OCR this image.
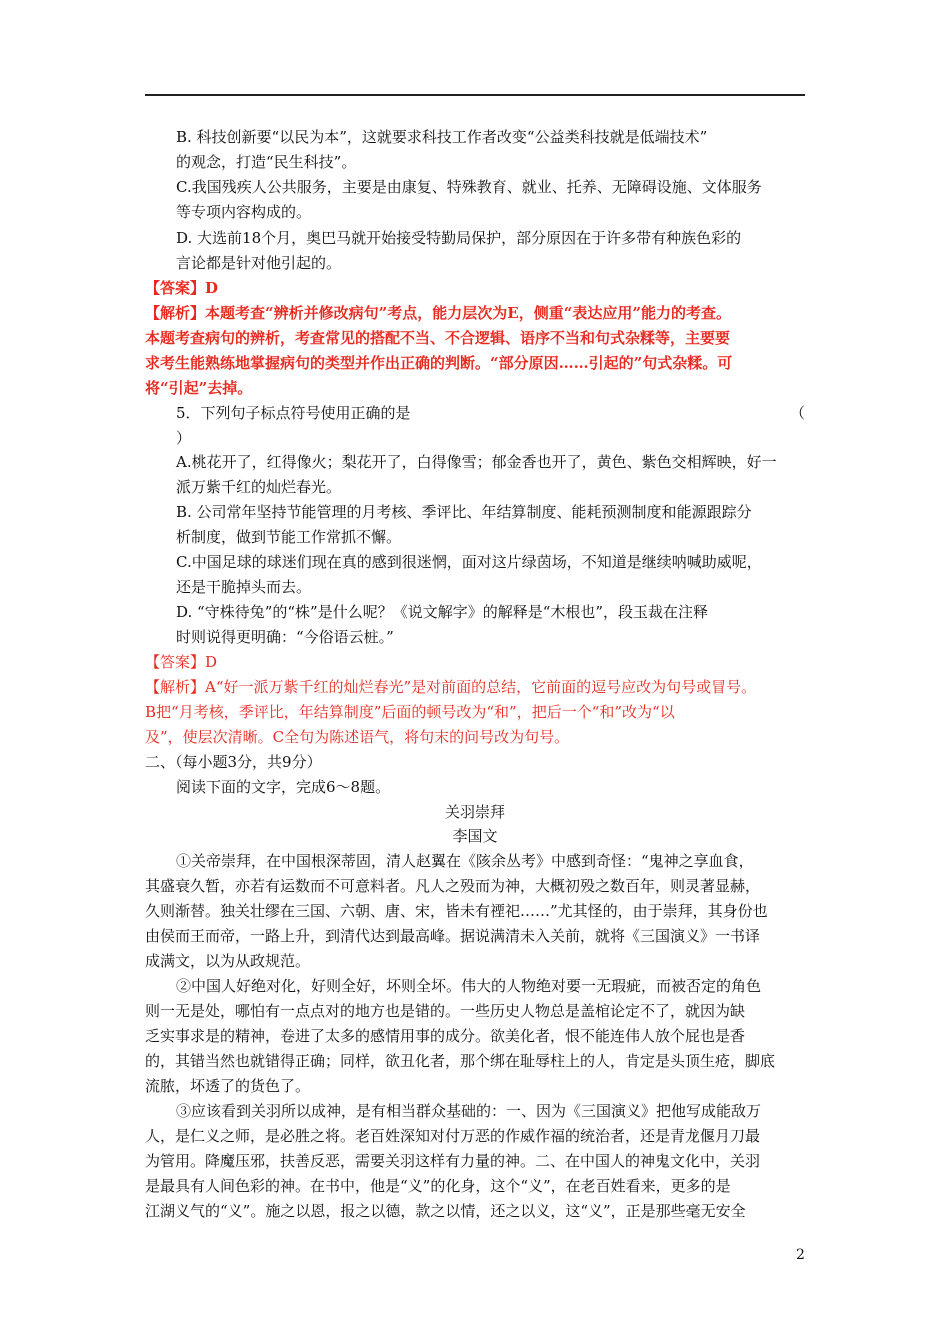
B. 科技创新要“以民为本”，这就要求科技工作者改变“公益类科技就是低端技术”
的观念，打造“民生科技”。
C.我国残疾人公共服务，主要是由康复、特殊教育、就业、托养、无障碍设施、文体服务
等专项内容构成的。
D. 大选前18个月，奥巴马就开始接受特勤局保护，部分原因在于许多带有种族色彩的
言论都是针对他引起的。
【答案】D
【解析】本题考查“辨析并修改病句”考点，能力层次为E，侧重“表达应用”能力的考查。
本题考查病句的辨析，考查常见的搭配不当、不合逻辑、语序不当和句式杂糅等，主要要
求考生能熟练地掌握病句的类型并作出正确的判断。“部分原因……引起的”句式杂糅。可
将“引起”去掉。
5．下列句子标点符号使用正确的是	（
）
A.桃花开了，红得像火；梨花开了，白得像雪；郁金香也开了，黄色、紫色交相辉映，好一
派万紫千红的灿烂春光。
B. 公司常年坚持节能管理的月考核、季评比、年结算制度、能耗预测制度和能源跟踪分
析制度，做到节能工作常抓不懈。
C.中国足球的球迷们现在真的感到很迷惘，面对这片绿茵场，不知道是继续呐喊助威呢，
还是干脆掉头而去。
D. “守株待兔”的“株”是什么呢？《说文解字》的解释是“木根也”，段玉裁在注释
时则说得更明确：“今俗语云桩。”
【答案】D
【解析】A“好一派万紫千红的灿烂春光”是对前面的总结，它前面的逗号应改为句号或冒号。
B把“月考核，季评比，年结算制度”后面的顿号改为“和”，把后一个“和”改为“以
及”，使层次清晰。C全句为陈述语气，将句末的问号改为句号。
二、（每小题3分，共9分）
阅读下面的文字，完成6～8题。
关羽崇拜
李国文
①关帝崇拜，在中国根深蒂固，清人赵翼在《陔余丛考》中感到奇怪：“鬼神之享血食，
其盛衰久暂，亦若有运数而不可意料者。凡人之殁而为神，大概初殁之数百年，则灵著显赫，
久则渐替。独关壮缪在三国、六朝、唐、宋，皆未有禋祀……”尤其怪的，由于崇拜，其身份也
由侯而王而帝，一路上升，到清代达到最高峰。据说满清未入关前，就将《三国演义》一书译
成满文，以为从政规范。
②中国人好绝对化，好则全好，坏则全坏。伟大的人物绝对要一无瑕疵，而被否定的角色
则一无是处，哪怕有一点点对的地方也是错的。一些历史人物总是盖棺论定不了，就因为缺
乏实事求是的精神，卷进了太多的感情用事的成分。欲美化者，恨不能连伟人放个屁也是香
的，其错当然也就错得正确；同样，欲丑化者，那个绑在耻辱柱上的人，肯定是头顶生疮，脚底
流脓，坏透了的货色了。
③应该看到关羽所以成神，是有相当群众基础的：一、因为《三国演义》把他写成能敌万
人，是仁义之师，是必胜之将。老百姓深知对付万恶的作威作福的统治者，还是青龙偃月刀最
为管用。降魔压邪，扶善反恶，需要关羽这样有力量的神。二、在中国人的神鬼文化中，关羽
是最具有人间色彩的神。在书中，他是“义”的化身，这个“义”，在老百姓看来，更多的是
江湖义气的“义”。施之以恩，报之以德，款之以情，还之以义，这“义”，正是那些毫无安全
2
